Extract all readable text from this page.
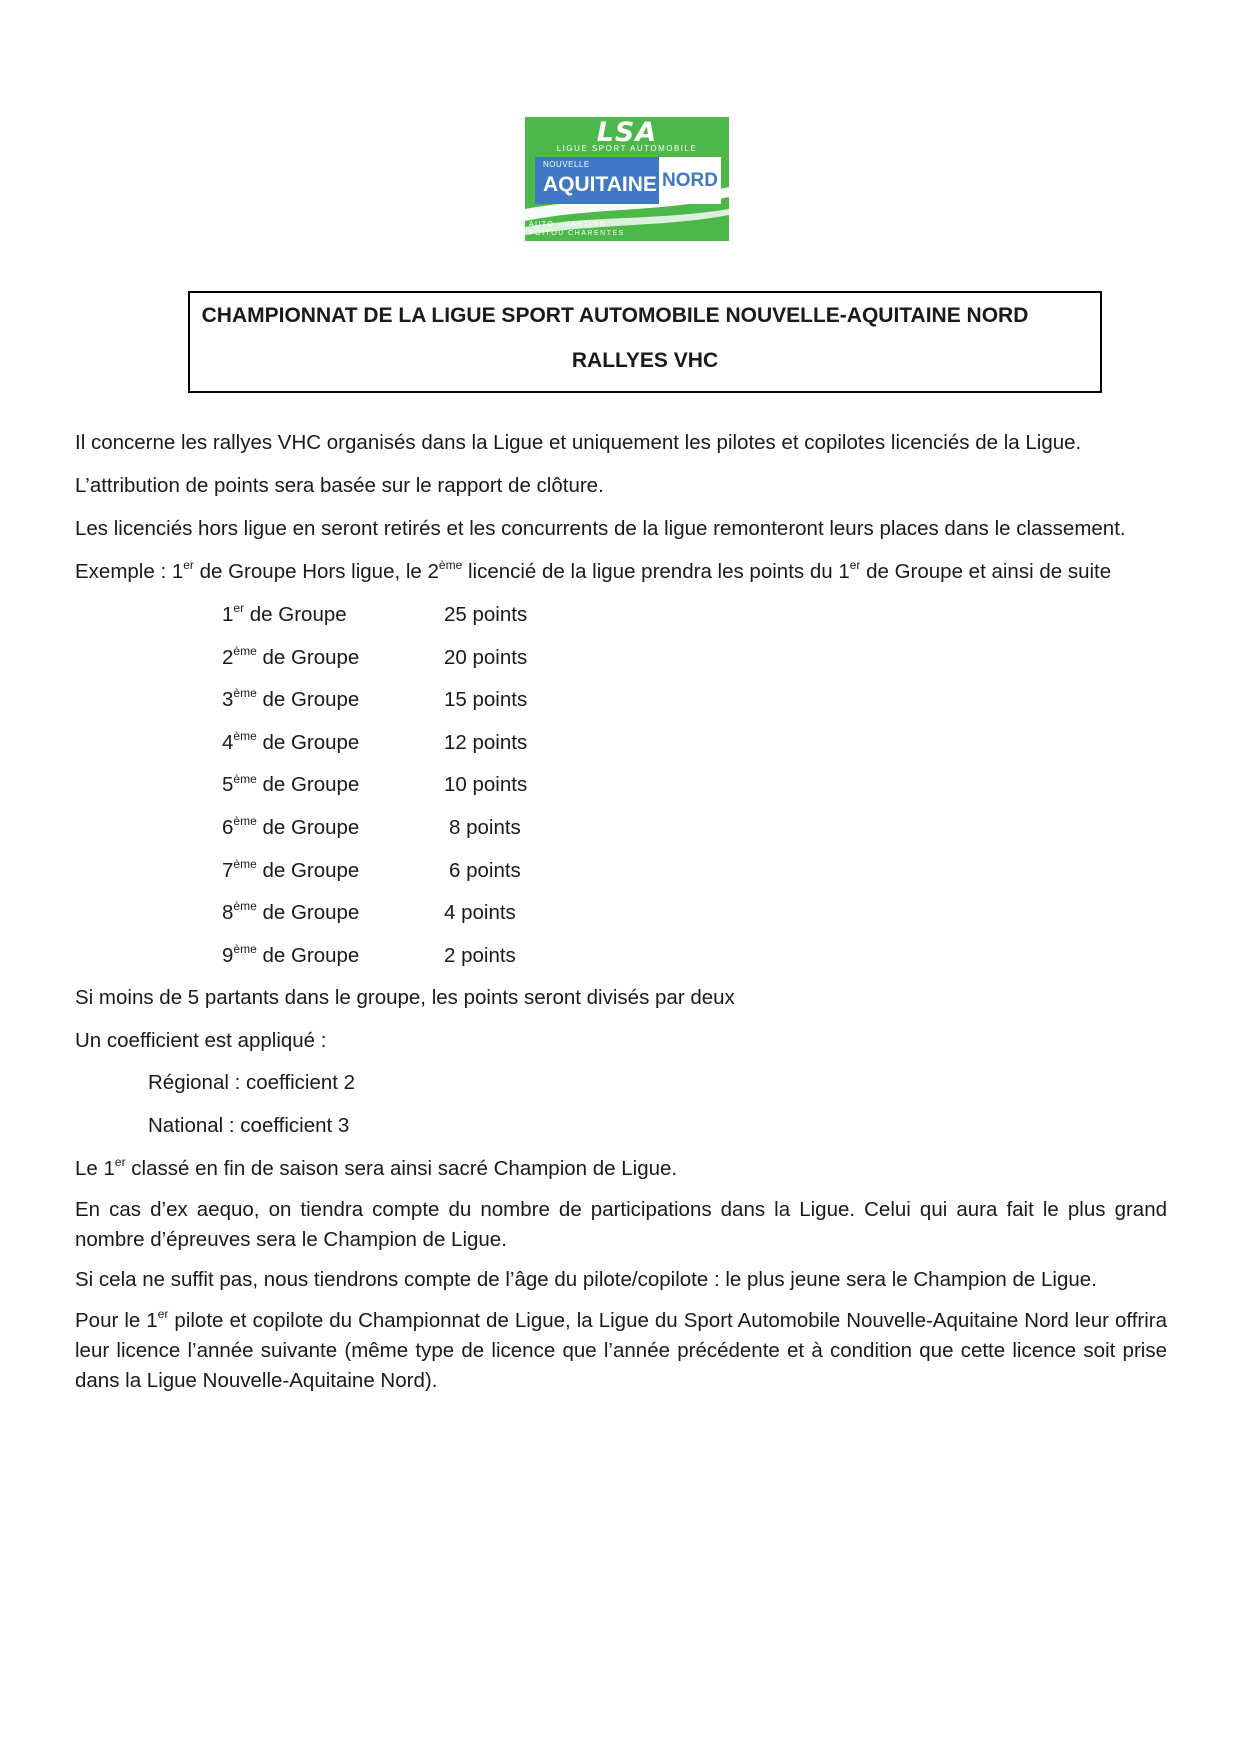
LSA
LIGUE SPORT AUTOMOBILE
NOUVELLE
AQUITAINE NORD
AUTO · KARTING
POITOU CHARENTES
CHAMPIONNAT DE LA LIGUE SPORT AUTOMOBILE NOUVELLE-AQUITAINE NORD
RALLYES VHC
Il concerne les rallyes VHC organisés dans la Ligue et uniquement les pilotes et copilotes licenciés de la Ligue.
L’attribution de points sera basée sur le rapport de clôture.
Les licenciés hors ligue en seront retirés et les concurrents de la ligue remonteront leurs places dans le classement.
Exemple : 1er de Groupe Hors ligue, le 2ème licencié de la ligue prendra les points du 1er de Groupe et ainsi de suite
1er de Groupe	25 points
2ème de Groupe	20 points
3ème de Groupe	15 points
4ème de Groupe	12 points
5ème de Groupe	10 points
6ème de Groupe	8 points
7ème de Groupe	6 points
8ème de Groupe	4 points
9ème de Groupe	2 points
Si moins de 5 partants dans le groupe, les points seront divisés par deux
Un coefficient est appliqué :
Régional : coefficient 2
National : coefficient 3
Le 1er classé en fin de saison sera ainsi sacré Champion de Ligue.
En cas d’ex aequo, on tiendra compte du nombre de participations dans la Ligue. Celui qui aura fait le plus grand nombre d’épreuves sera le Champion de Ligue.
Si cela ne suffit pas, nous tiendrons compte de l’âge du pilote/copilote : le plus jeune sera le Champion de Ligue.
Pour le 1er pilote et copilote du Championnat de Ligue, la Ligue du Sport Automobile Nouvelle-Aquitaine Nord leur offrira leur licence l’année suivante (même type de licence que l’année précédente et à condition que cette licence soit prise dans la Ligue Nouvelle-Aquitaine Nord).
